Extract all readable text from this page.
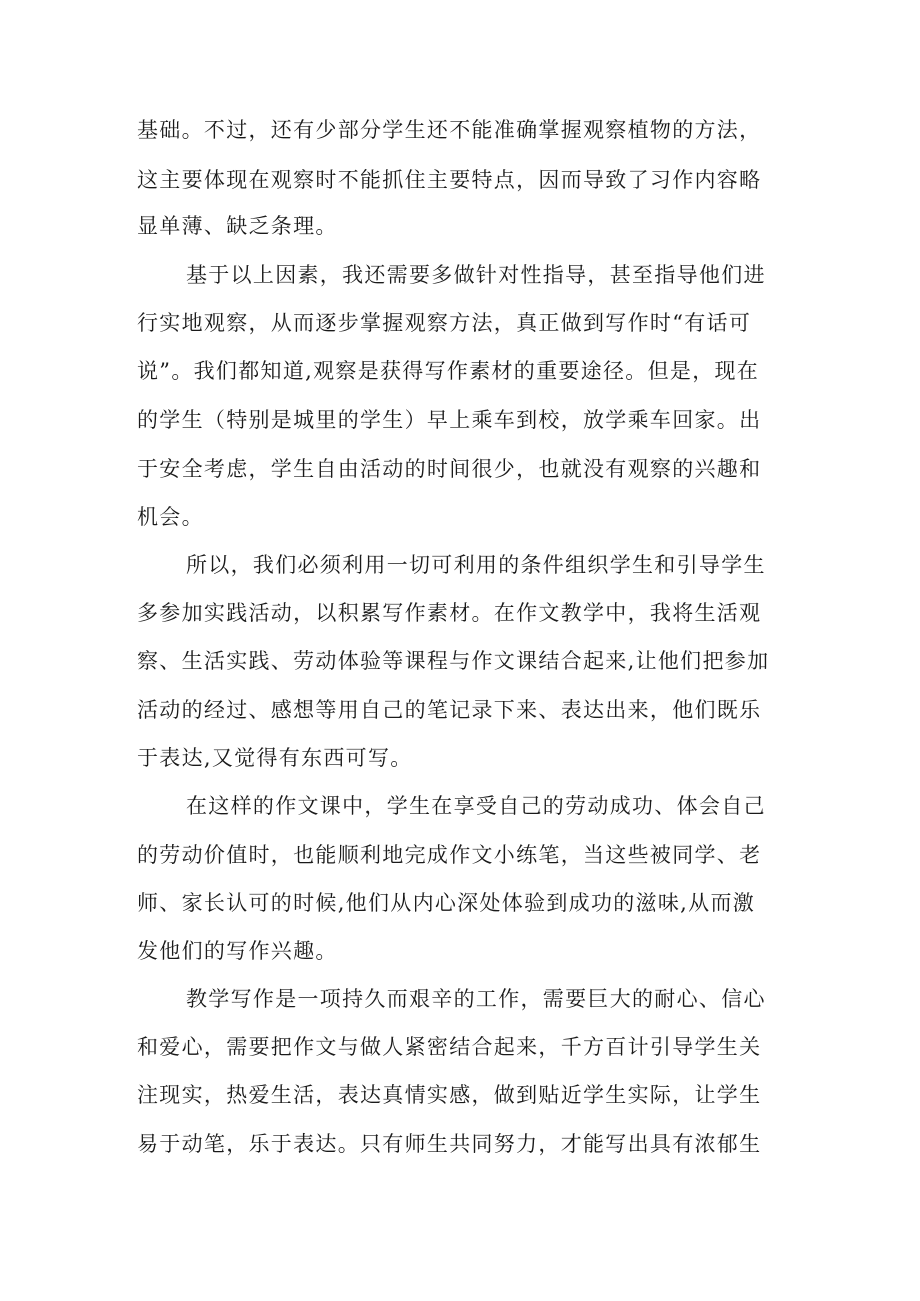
基础。不过，还有少部分学生还不能准确掌握观察植物的方法，

这主要体现在观察时不能抓住主要特点，因而导致了习作内容略

显单薄、缺乏条理。

基于以上因素，我还需要多做针对性指导，甚至指导他们进

行实地观察，从而逐步掌握观察方法，真正做到写作时“有话可

说”。我们都知道,观察是获得写作素材的重要途径。但是，现在

的学生（特别是城里的学生）早上乘车到校，放学乘车回家。出

于安全考虑，学生自由活动的时间很少，也就没有观察的兴趣和

机会。

所以，我们必须利用一切可利用的条件组织学生和引导学生

多参加实践活动，以积累写作素材。在作文教学中，我将生活观

察、生活实践、劳动体验等课程与作文课结合起来,让他们把参加

活动的经过、感想等用自己的笔记录下来、表达出来，他们既乐

于表达,又觉得有东西可写。

在这样的作文课中，学生在享受自己的劳动成功、体会自己

的劳动价值时，也能顺利地完成作文小练笔，当这些被同学、老

师、家长认可的时候,他们从内心深处体验到成功的滋味,从而激

发他们的写作兴趣。

教学写作是一项持久而艰辛的工作，需要巨大的耐心、信心

和爱心，需要把作文与做人紧密结合起来，千方百计引导学生关

注现实，热爱生活，表达真情实感，做到贴近学生实际，让学生

易于动笔，乐于表达。只有师生共同努力，才能写出具有浓郁生
